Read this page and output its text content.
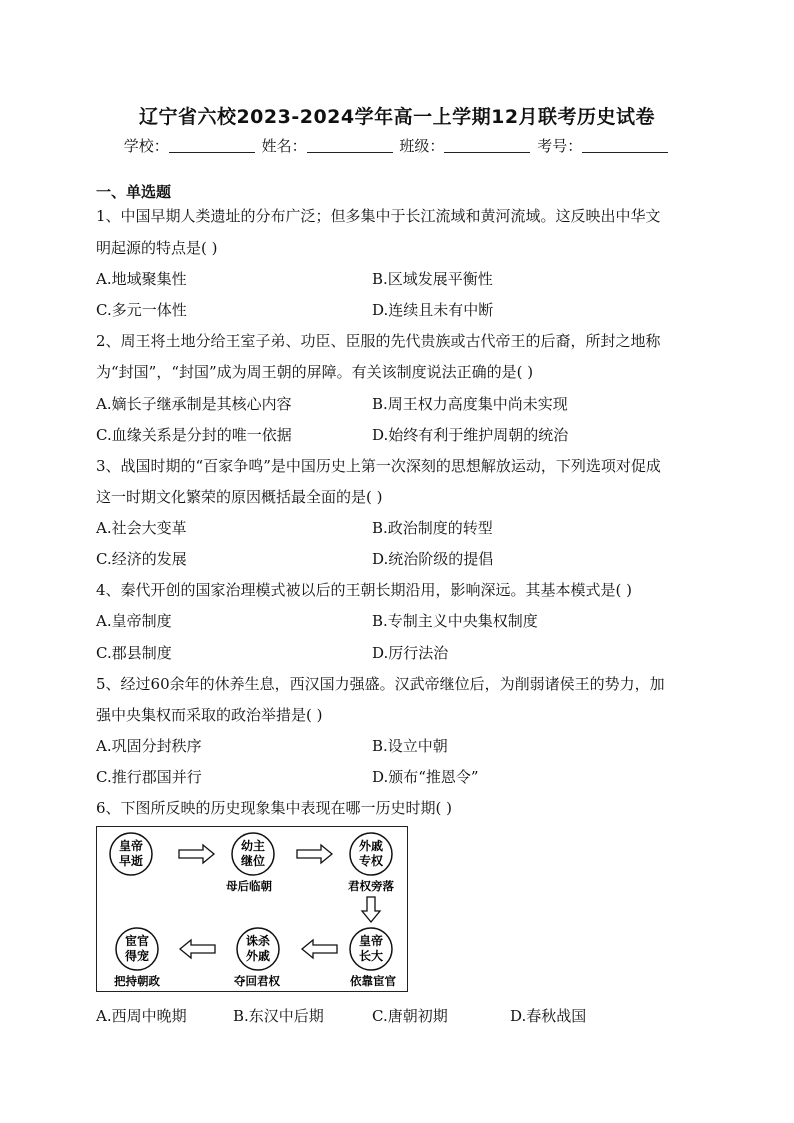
辽宁省六校2023-2024学年高一上学期12月联考历史试卷
学校：	姓名：	班级：	考号：
一、单选题
1、中国早期人类遗址的分布广泛；但多集中于长江流域和黄河流域。这反映出中华文
明起源的特点是( )
A.地域聚集性	B.区域发展平衡性
C.多元一体性	D.连续且未有中断
2、周王将土地分给王室子弟、功臣、臣服的先代贵族或古代帝王的后裔，所封之地称
为“封国”，“封国”成为周王朝的屏障。有关该制度说法正确的是( )
A.嫡长子继承制是其核心内容	B.周王权力高度集中尚未实现
C.血缘关系是分封的唯一依据	D.始终有利于维护周朝的统治
3、战国时期的“百家争鸣”是中国历史上第一次深刻的思想解放运动，下列选项对促成
这一时期文化繁荣的原因概括最全面的是( )
A.社会大变革	B.政治制度的转型
C.经济的发展	D.统治阶级的提倡
4、秦代开创的国家治理模式被以后的王朝长期沿用，影响深远。其基本模式是( )
A.皇帝制度	B.专制主义中央集权制度
C.郡县制度	D.厉行法治
5、经过60余年的休养生息，西汉国力强盛。汉武帝继位后，为削弱诸侯王的势力，加
强中央集权而采取的政治举措是( )
A.巩固分封秩序	B.设立中朝
C.推行郡国并行	D.颁布“推恩令”
6、下图所反映的历史现象集中表现在哪一历史时期( )
皇帝
早逝
幼主
继位
母后临朝
外戚
专权
君权旁落
皇帝
长大
依靠宦官
诛杀
外戚
夺回君权
宦官
得宠
把持朝政
A.西周中晚期	B.东汉中后期	C.唐朝初期	D.春秋战国
